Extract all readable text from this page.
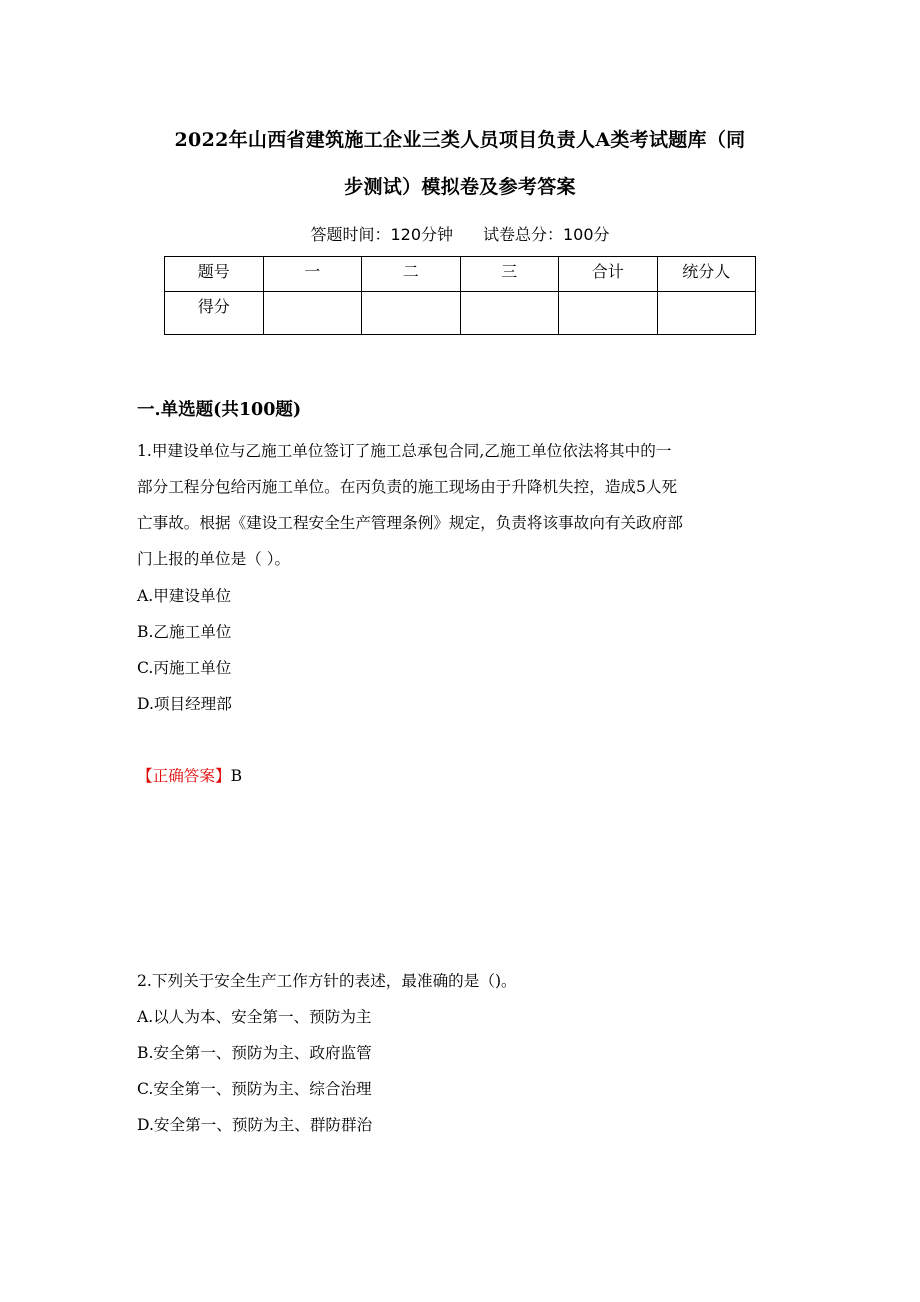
2022年山西省建筑施工企业三类人员项目负责人A类考试题库（同
步测试）模拟卷及参考答案
答题时间：120分钟 试卷总分：100分
题号	一	二	三	合计	统分人
得分					
一.单选题(共100题)
1.甲建设单位与乙施工单位签订了施工总承包合同,乙施工单位依法将其中的一
部分工程分包给丙施工单位。在丙负责的施工现场由于升降机失控，造成5人死
亡事故。根据《建设工程安全生产管理条例》规定，负责将该事故向有关政府部
门上报的单位是（ ）。
A.甲建设单位
B.乙施工单位
C.丙施工单位
D.项目经理部
【正确答案】B
2.下列关于安全生产工作方针的表述，最准确的是（)。
A.以人为本、安全第一、预防为主
B.安全第一、预防为主、政府监管
C.安全第一、预防为主、综合治理
D.安全第一、预防为主、群防群治
